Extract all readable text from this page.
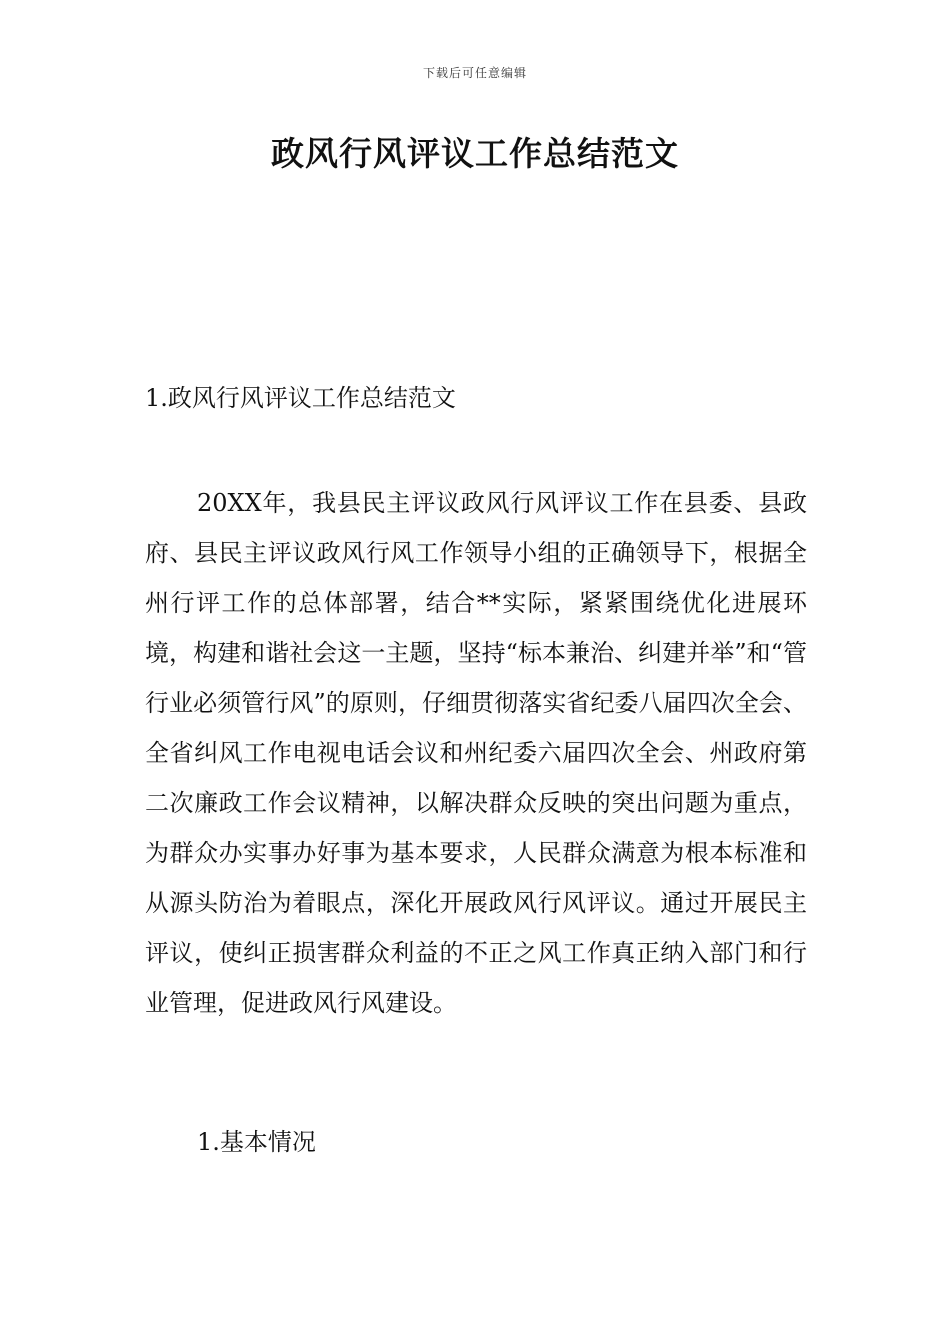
下载后可任意编辑
政风行风评议工作总结范文
1.政风行风评议工作总结范文

20XX年，我县民主评议政风行风评议工作在县委、县政府、县民主评议政风行风工作领导小组的正确领导下，根据全州行评工作的总体部署，结合**实际，紧紧围绕优化进展环境，构建和谐社会这一主题，坚持“标本兼治、纠建并举”和“管行业必须管行风”的原则，仔细贯彻落实省纪委八届四次全会、全省纠风工作电视电话会议和州纪委六届四次全会、州政府第二次廉政工作会议精神，以解决群众反映的突出问题为重点，为群众办实事办好事为基本要求，人民群众满意为根本标准和从源头防治为着眼点，深化开展政风行风评议。通过开展民主评议，使纠正损害群众利益的不正之风工作真正纳入部门和行业管理，促进政风行风建设。

1.基本情况
